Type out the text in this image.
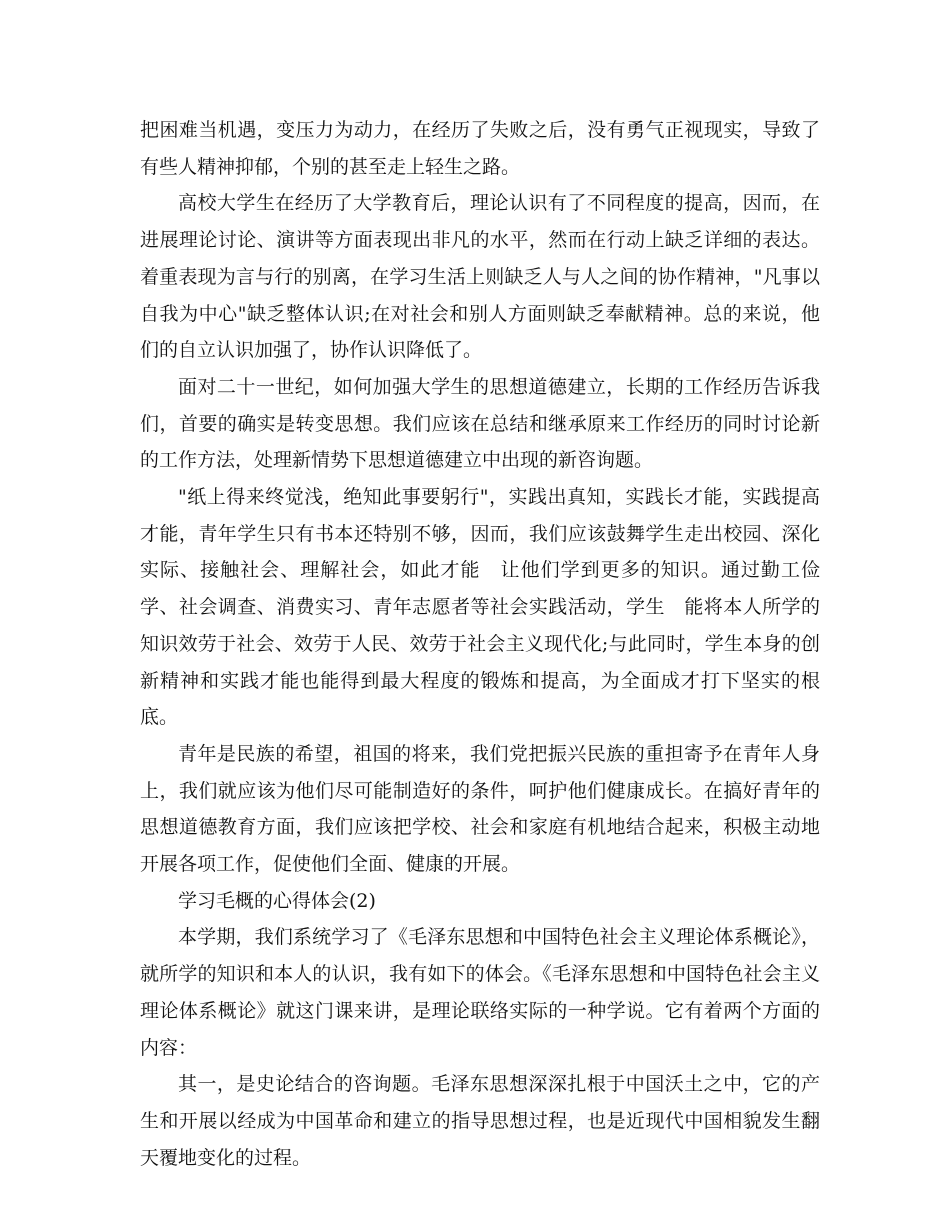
把困难当机遇，变压力为动力，在经历了失败之后，没有勇气正视现实，导致了有些人精神抑郁，个别的甚至走上轻生之路。

高校大学生在经历了大学教育后，理论认识有了不同程度的提高，因而，在进展理论讨论、演讲等方面表现出非凡的水平，然而在行动上缺乏详细的表达。着重表现为言与行的别离，在学习生活上则缺乏人与人之间的协作精神，"凡事以自我为中心"缺乏整体认识;在对社会和别人方面则缺乏奉献精神。总的来说，他们的自立认识加强了，协作认识降低了。

面对二十一世纪，如何加强大学生的思想道德建立，长期的工作经历告诉我们，首要的确实是转变思想。我们应该在总结和继承原来工作经历的同时讨论新的工作方法，处理新情势下思想道德建立中出现的新咨询题。

"纸上得来终觉浅，绝知此事要躬行"，实践出真知，实践长才能，实践提高才能，青年学生只有书本还特别不够，因而，我们应该鼓舞学生走出校园、深化实际、接触社会、理解社会，如此才能　让他们学到更多的知识。通过勤工俭学、社会调查、消费实习、青年志愿者等社会实践活动，学生　能将本人所学的知识效劳于社会、效劳于人民、效劳于社会主义现代化;与此同时，学生本身的创新精神和实践才能也能得到最大程度的锻炼和提高，为全面成才打下坚实的根底。

青年是民族的希望，祖国的将来，我们党把振兴民族的重担寄予在青年人身上，我们就应该为他们尽可能制造好的条件，呵护他们健康成长。在搞好青年的思想道德教育方面，我们应该把学校、社会和家庭有机地结合起来，积极主动地开展各项工作，促使他们全面、健康的开展。

学习毛概的心得体会(2)

本学期，我们系统学习了《毛泽东思想和中国特色社会主义理论体系概论》，就所学的知识和本人的认识，我有如下的体会。《毛泽东思想和中国特色社会主义理论体系概论》就这门课来讲，是理论联络实际的一种学说。它有着两个方面的内容：

其一，是史论结合的咨询题。毛泽东思想深深扎根于中国沃土之中，它的产生和开展以经成为中国革命和建立的指导思想过程，也是近现代中国相貌发生翻天覆地变化的过程。
